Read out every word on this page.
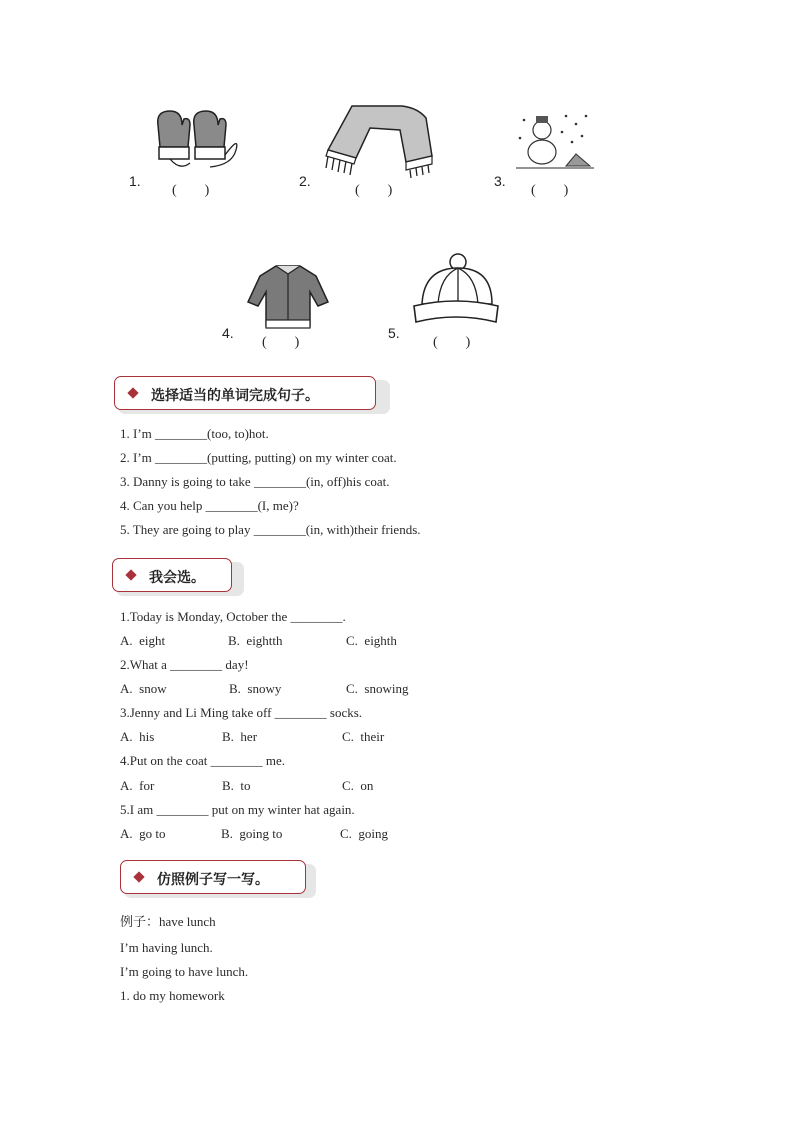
1.
(        )
2.
(        )
3.
(        )
4.
(        )
5.
(        )
选择适当的单词完成句子。
1. I’m ________(too, to)hot.
2. I’m ________(putting, putting) on my winter coat.
3. Danny is going to take ________(in, off)his coat.
4. Can you help ________(I, me)?
5. They are going to play ________(in, with)their friends.
我会选。
1.Today is Monday, October the ________.
A.  eight	B.  eightth	C.  eighth
2.What a ________ day!
A.  snow	B.  snowy	C.  snowing
3.Jenny and Li Ming take off ________ socks.
A.  his	B.  her	C.  their
4.Put on the coat ________ me.
A.  for	B.  to	C.  on
5.I am ________ put on my winter hat again.
A.  go to	B.  going to	C.  going
仿照例子写一写。
例子：have lunch
I’m having lunch.
I’m going to have lunch.
1. do my homework
